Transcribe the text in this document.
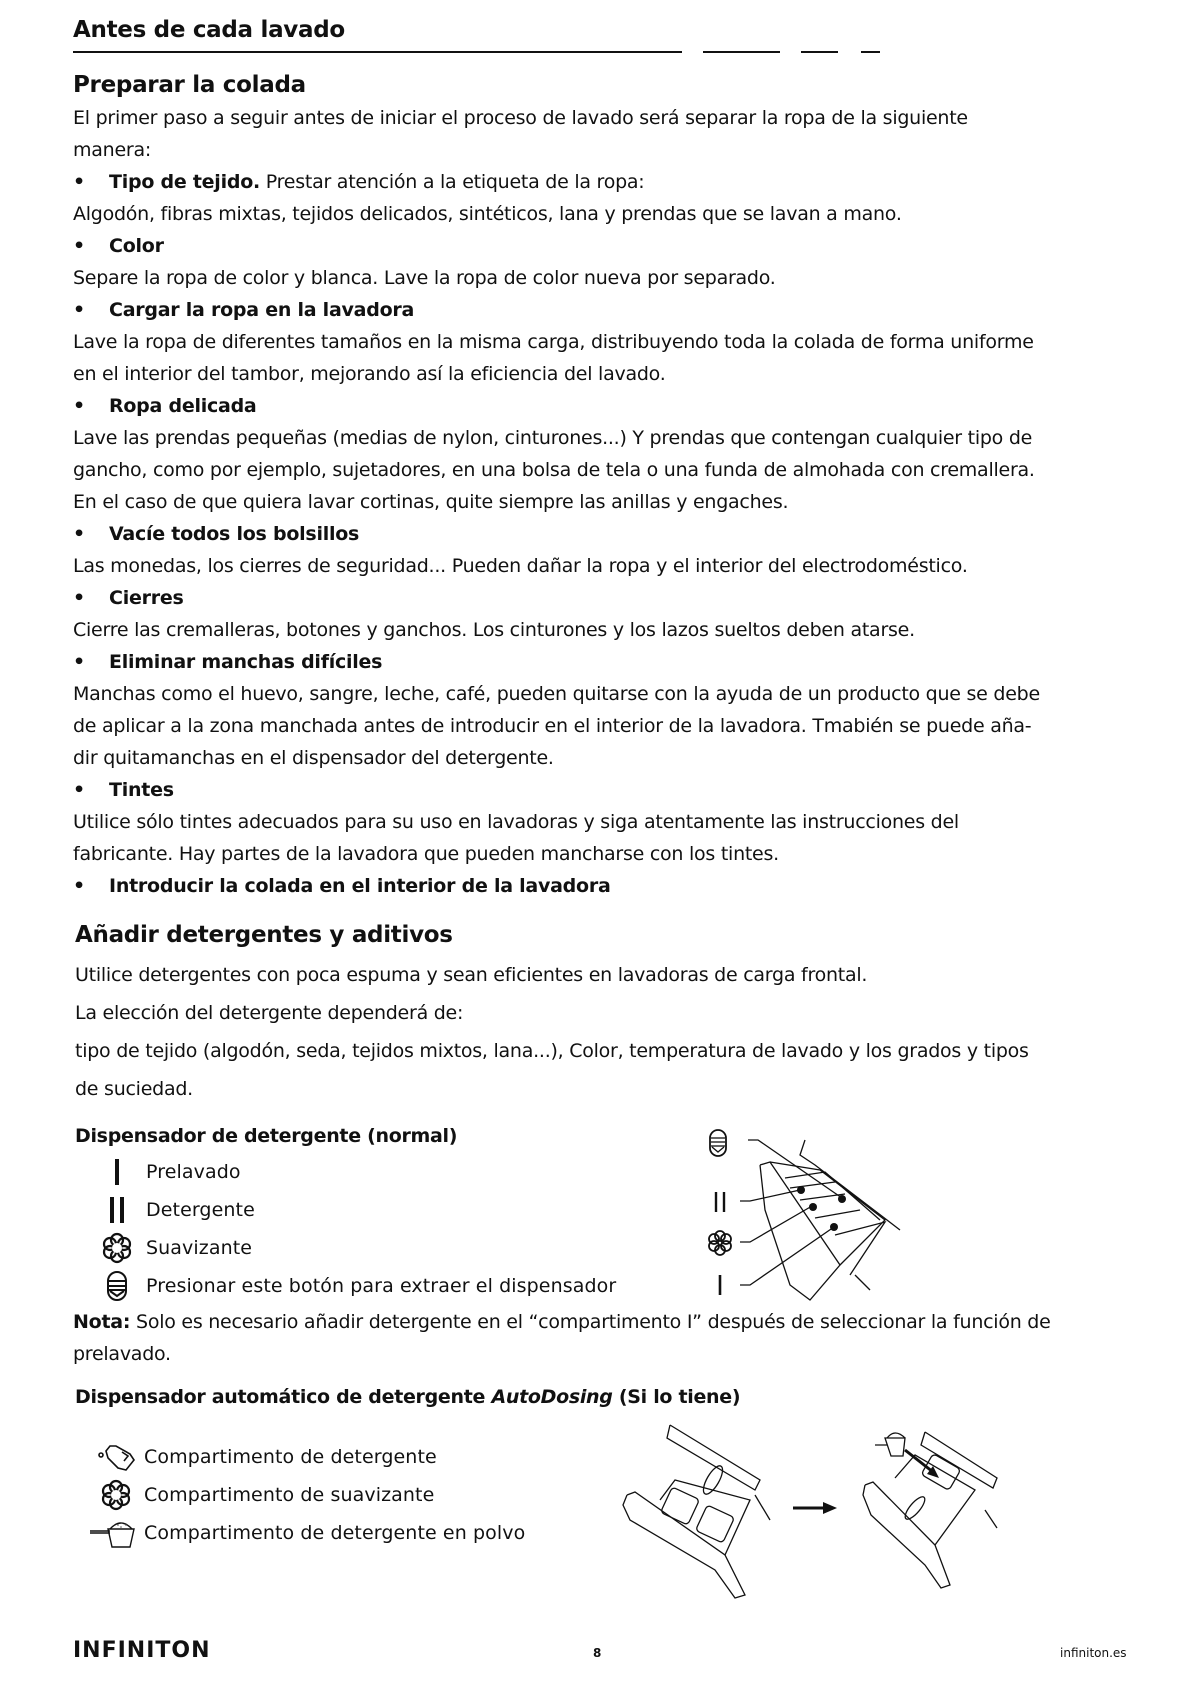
Antes de cada lavado
Preparar la colada
El primer paso a seguir antes de iniciar el proceso de lavado será separar la ropa de la siguiente
manera:
• Tipo de tejido. Prestar atención a la etiqueta de la ropa:
Algodón, fibras mixtas, tejidos delicados, sintéticos, lana y prendas que se lavan a mano.
• Color
Separe la ropa de color y blanca. Lave la ropa de color nueva por separado.
• Cargar la ropa en la lavadora
Lave la ropa de diferentes tamaños en la misma carga, distribuyendo toda la colada de forma uniforme
en el interior del tambor, mejorando así la eficiencia del lavado.
• Ropa delicada
Lave las prendas pequeñas (medias de nylon, cinturones...) Y prendas que contengan cualquier tipo de
gancho, como por ejemplo, sujetadores, en una bolsa de tela o una funda de almohada con cremallera.
En el caso de que quiera lavar cortinas, quite siempre las anillas y engaches.
• Vacíe todos los bolsillos
Las monedas, los cierres de seguridad... Pueden dañar la ropa y el interior del electrodoméstico.
• Cierres
Cierre las cremalleras, botones y ganchos. Los cinturones y los lazos sueltos deben atarse.
• Eliminar manchas difíciles
Manchas como el huevo, sangre, leche, café, pueden quitarse con la ayuda de un producto que se debe
de aplicar a la zona manchada antes de introducir en el interior de la lavadora. Tmabién se puede aña-
dir quitamanchas en el dispensador del detergente.
• Tintes
Utilice sólo tintes adecuados para su uso en lavadoras y siga atentamente las instrucciones del
fabricante. Hay partes de la lavadora que pueden mancharse con los tintes.
• Introducir la colada en el interior de la lavadora
Añadir detergentes y aditivos
Utilice detergentes con poca espuma y sean eficientes en lavadoras de carga frontal.
La elección del detergente dependerá de:
tipo de tejido (algodón, seda, tejidos mixtos, lana...), Color, temperatura de lavado y los grados y tipos
de suciedad.
Dispensador de detergente (normal)
Prelavado
Detergente
Suavizante
Presionar este botón para extraer el dispensador
Nota: Solo es necesario añadir detergente en el “compartimento I” después de seleccionar la función de
prelavado.
Dispensador automático de detergente AutoDosing (Si lo tiene)
Compartimento de detergente
Compartimento de suavizante
Compartimento de detergente en polvo
INFINITON	8	infiniton.es
